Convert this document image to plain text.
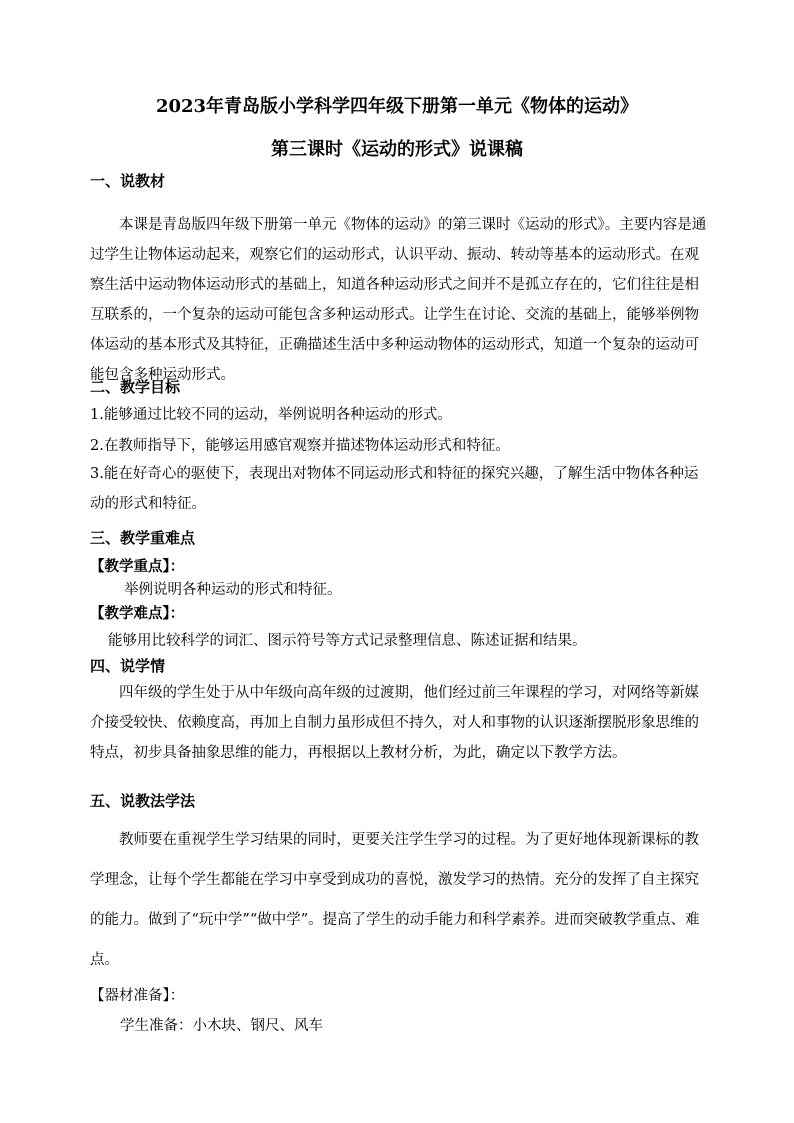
2023年青岛版小学科学四年级下册第一单元《物体的运动》
第三课时《运动的形式》说课稿
一、说教材
本课是青岛版四年级下册第一单元《物体的运动》的第三课时《运动的形式》。主要内容是通过学生让物体运动起来，观察它们的运动形式，认识平动、振动、转动等基本的运动形式。在观察生活中运动物体运动形式的基础上，知道各种运动形式之间并不是孤立存在的，它们往往是相互联系的，一个复杂的运动可能包含多种运动形式。让学生在讨论、交流的基础上，能够举例物体运动的基本形式及其特征，正确描述生活中多种运动物体的运动形式，知道一个复杂的运动可能包含多种运动形式。
二、教学目标
1.能够通过比较不同的运动，举例说明各种运动的形式。
2.在教师指导下，能够运用感官观察并描述物体运动形式和特征。
3.能在好奇心的驱使下，表现出对物体不同运动形式和特征的探究兴趣，了解生活中物体各种运动的形式和特征。
三、教学重难点
【教学重点】：
举例说明各种运动的形式和特征。
【教学难点】：
能够用比较科学的词汇、图示符号等方式记录整理信息、陈述证据和结果。
四、说学情
四年级的学生处于从中年级向高年级的过渡期，他们经过前三年课程的学习，对网络等新媒介接受较快、依赖度高，再加上自制力虽形成但不持久，对人和事物的认识逐渐摆脱形象思维的特点，初步具备抽象思维的能力，再根据以上教材分析，为此，确定以下教学方法。
五、说教法学法
教师要在重视学生学习结果的同时，更要关注学生学习的过程。为了更好地体现新课标的教学理念，让每个学生都能在学习中享受到成功的喜悦，激发学习的热情。充分的发挥了自主探究的能力。做到了“玩中学”“做中学”。提高了学生的动手能力和科学素养。进而突破教学重点、难点。
【器材准备】：
学生准备：小木块、钢尺、风车
